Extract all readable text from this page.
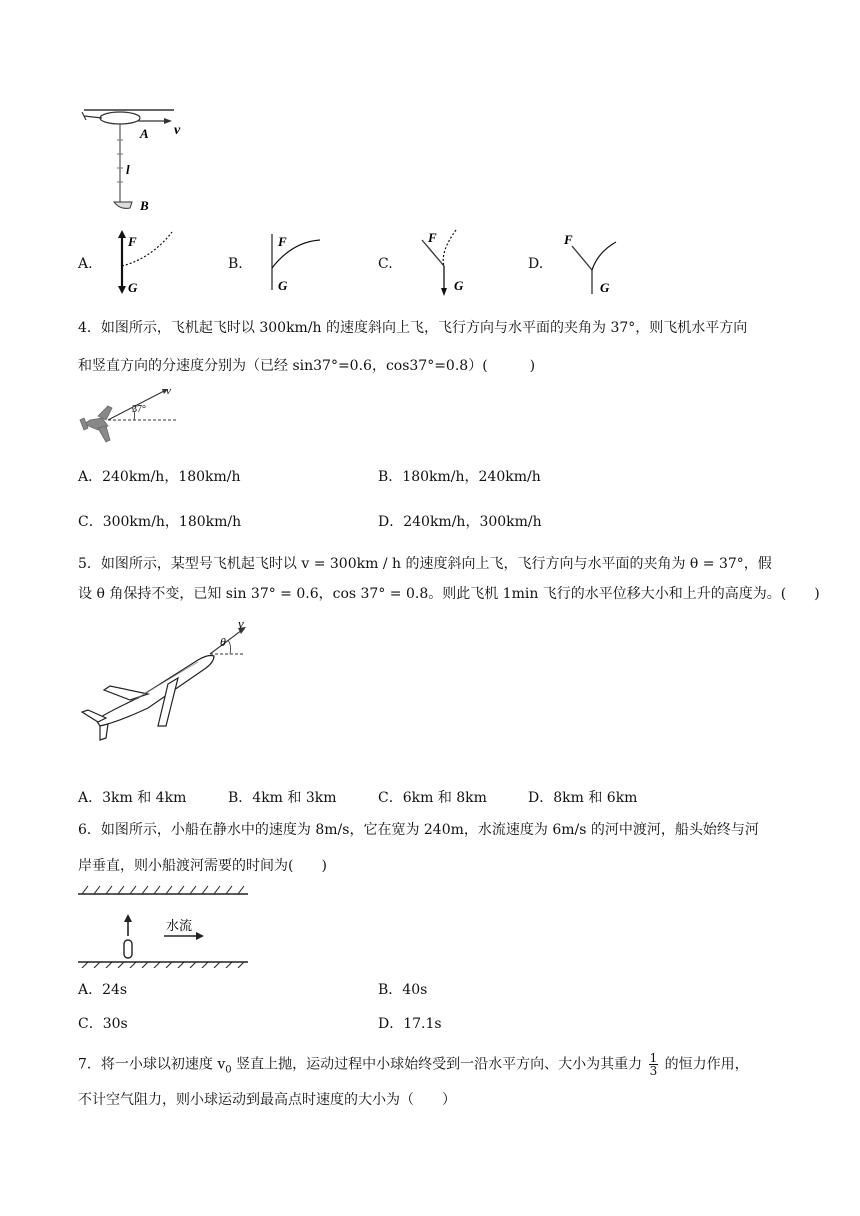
A v
l
B
A.
F
G
B.
F
G
C.
F
G
D.
F
G
4．如图所示，飞机起飞时以 300km/h 的速度斜向上飞，飞行方向与水平面的夹角为 37°，则飞机水平方向
和竖直方向的分速度分别为（已经 sin37°=0.6，cos37°=0.8）(　　　)
v
37°
A．240km/h，180km/h	B．180km/h，240km/h
C．300km/h，180km/h	D．240km/h，300km/h
5．如图所示，某型号飞机起飞时以 v = 300km / h 的速度斜向上飞，飞行方向与水平面的夹角为 θ = 37°，假
设 θ 角保持不变，已知 sin 37° = 0.6，cos 37° = 0.8。则此飞机 1min 飞行的水平位移大小和上升的高度为。(　　)
v
θ
A．3km 和 4km	B．4km 和 3km	C．6km 和 8km	D．8km 和 6km
6．如图所示，小船在静水中的速度为 8m/s，它在宽为 240m，水流速度为 6m/s 的河中渡河，船头始终与河
岸垂直，则小船渡河需要的时间为(　　)
水流
A．24s	B．40s
C．30s	D．17.1s
7．将一小球以初速度 $v_0$ 竖直上抛，运动过程中小球始终受到一沿水平方向、大小为其重力 $\frac{1}{3}$ 的恒力作用，
不计空气阻力，则小球运动到最高点时速度的大小为（　　）
